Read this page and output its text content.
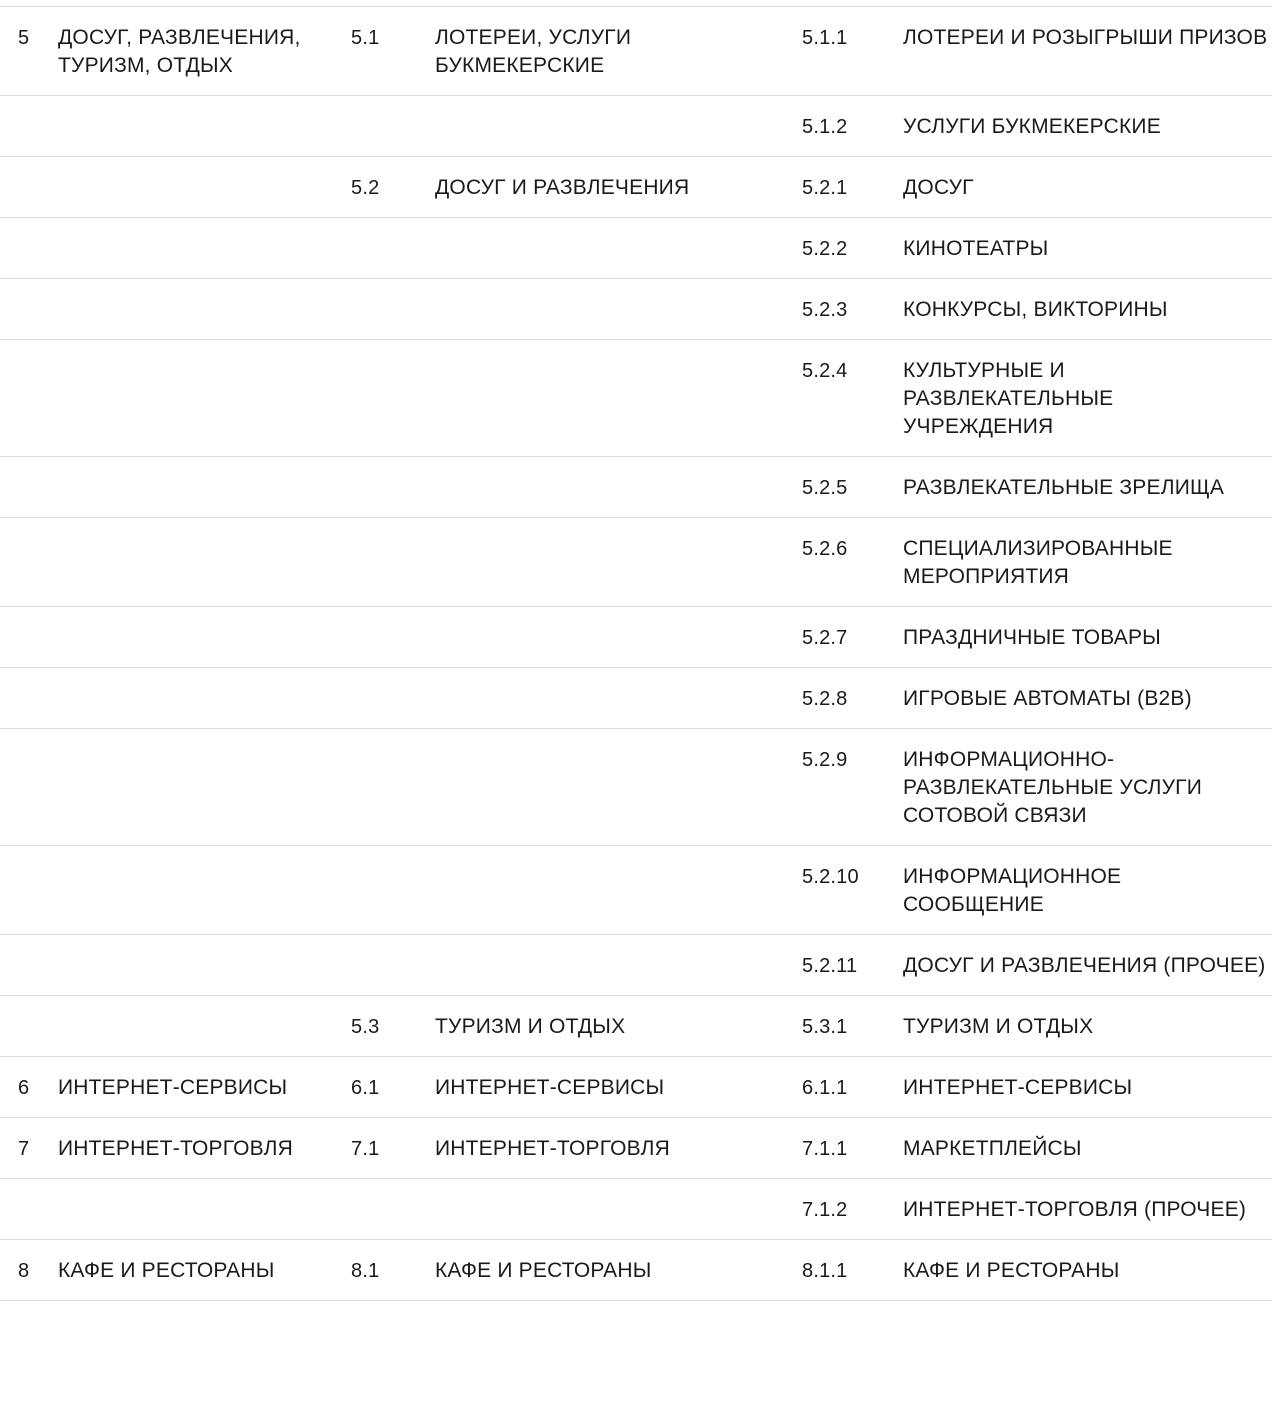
5	ДОСУГ, РАЗВЛЕЧЕНИЯ, ТУРИЗМ, ОТДЫХ	5.1	ЛОТЕРЕИ, УСЛУГИ БУКМЕКЕРСКИЕ	5.1.1	ЛОТЕРЕИ И РОЗЫГРЫШИ ПРИЗОВ

				5.1.2	УСЛУГИ БУКМЕКЕРСКИЕ

		5.2	ДОСУГ И РАЗВЛЕЧЕНИЯ	5.2.1	ДОСУГ

				5.2.2	КИНОТЕАТРЫ

				5.2.3	КОНКУРСЫ, ВИКТОРИНЫ

				5.2.4	КУЛЬТУРНЫЕ И РАЗВЛЕКАТЕЛЬНЫЕ УЧРЕЖДЕНИЯ

				5.2.5	РАЗВЛЕКАТЕЛЬНЫЕ ЗРЕЛИЩА

				5.2.6	СПЕЦИАЛИЗИРОВАННЫЕ МЕРОПРИЯТИЯ

				5.2.7	ПРАЗДНИЧНЫЕ ТОВАРЫ

				5.2.8	ИГРОВЫЕ АВТОМАТЫ (B2B)

				5.2.9	ИНФОРМАЦИОННО-РАЗВЛЕКАТЕЛЬНЫЕ УСЛУГИ СОТОВОЙ СВЯЗИ

				5.2.10	ИНФОРМАЦИОННОЕ СООБЩЕНИЕ

				5.2.11	ДОСУГ И РАЗВЛЕЧЕНИЯ (ПРОЧЕЕ)

		5.3	ТУРИЗМ И ОТДЫХ	5.3.1	ТУРИЗМ И ОТДЫХ

6	ИНТЕРНЕТ-СЕРВИСЫ	6.1	ИНТЕРНЕТ-СЕРВИСЫ	6.1.1	ИНТЕРНЕТ-СЕРВИСЫ

7	ИНТЕРНЕТ-ТОРГОВЛЯ	7.1	ИНТЕРНЕТ-ТОРГОВЛЯ	7.1.1	МАРКЕТПЛЕЙСЫ

				7.1.2	ИНТЕРНЕТ-ТОРГОВЛЯ (ПРОЧЕЕ)

8	КАФЕ И РЕСТОРАНЫ	8.1	КАФЕ И РЕСТОРАНЫ	8.1.1	КАФЕ И РЕСТОРАНЫ
